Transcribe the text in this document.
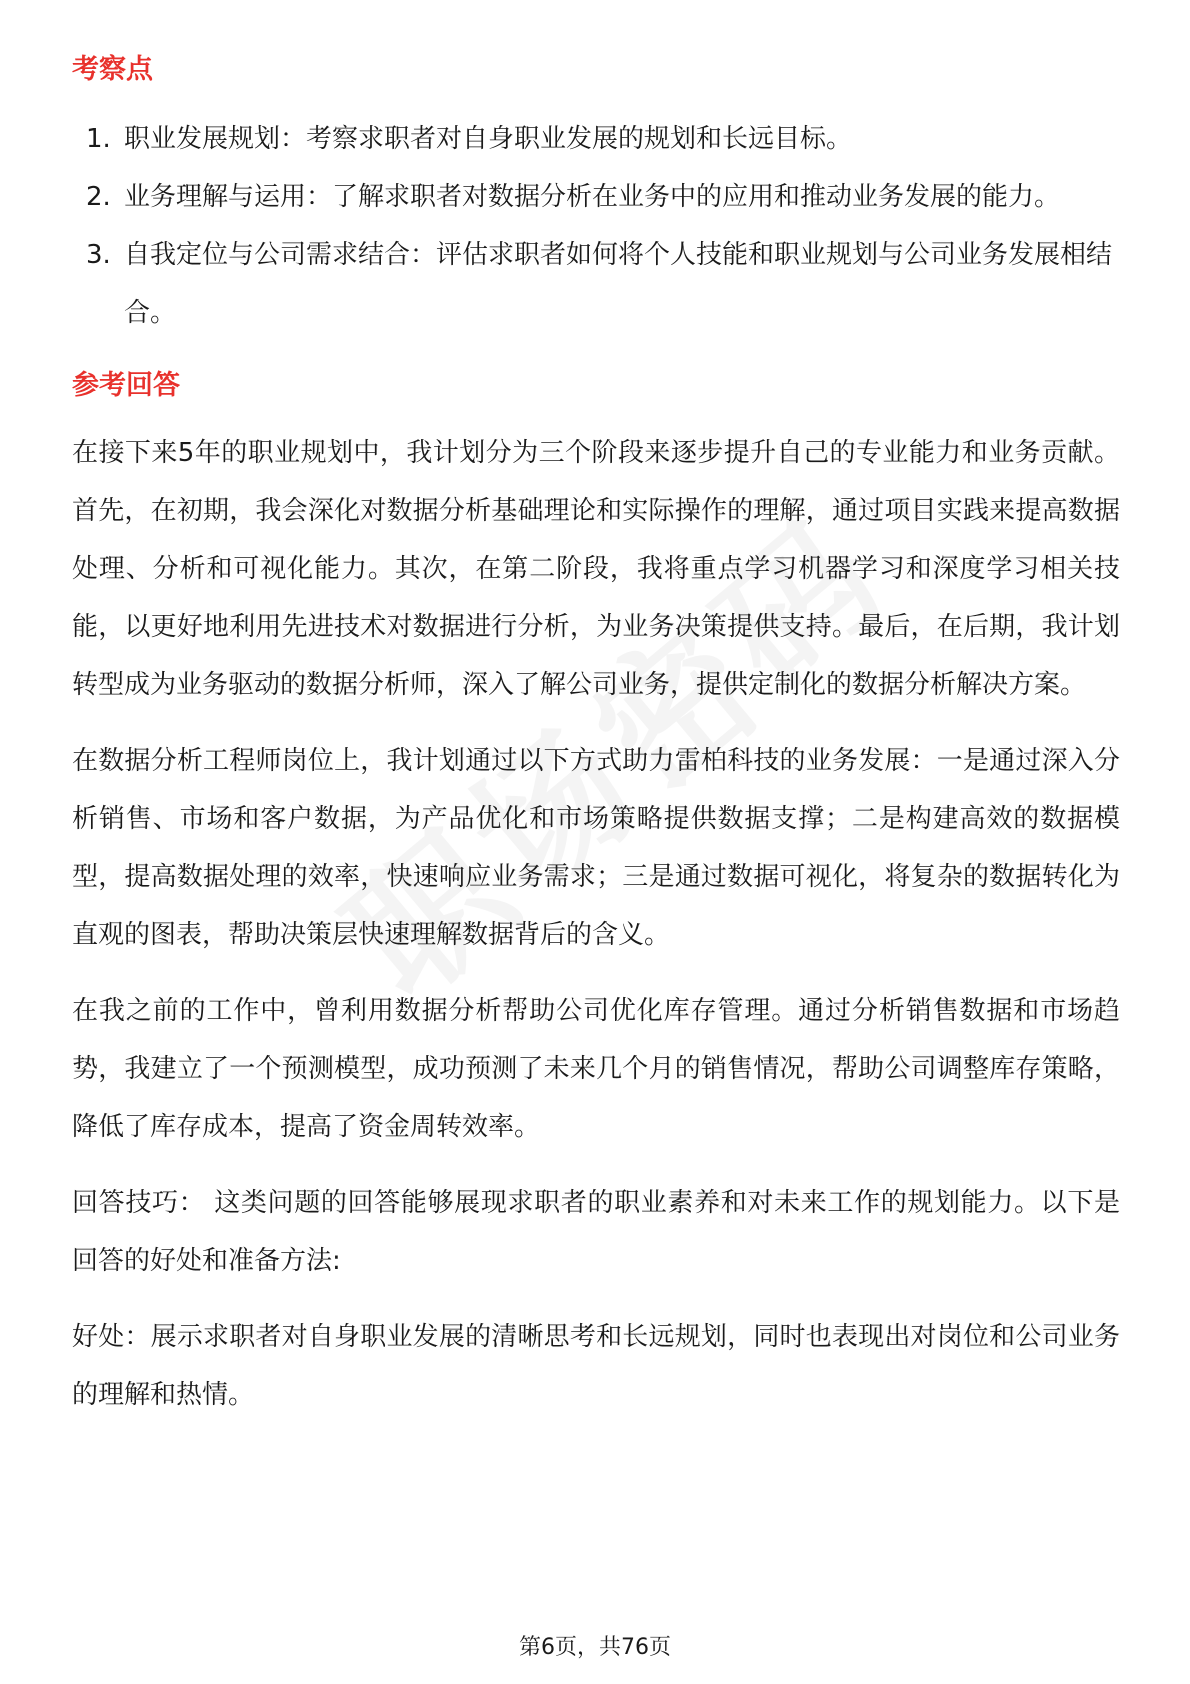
考察点
1. 职业发展规划：考察求职者对自身职业发展的规划和长远目标。
2. 业务理解与运用：了解求职者对数据分析在业务中的应用和推动业务发展的能力。
3. 自我定位与公司需求结合：评估求职者如何将个人技能和职业规划与公司业务发展相结合。
参考回答

在接下来5年的职业规划中，我计划分为三个阶段来逐步提升自己的专业能力和业务贡献。首先，在初期，我会深化对数据分析基础理论和实际操作的理解，通过项目实践来提高数据处理、分析和可视化能力。其次，在第二阶段，我将重点学习机器学习和深度学习相关技能，以更好地利用先进技术对数据进行分析，为业务决策提供支持。最后，在后期，我计划转型成为业务驱动的数据分析师，深入了解公司业务，提供定制化的数据分析解决方案。

在数据分析工程师岗位上，我计划通过以下方式助力雷柏科技的业务发展：一是通过深入分析销售、市场和客户数据，为产品优化和市场策略提供数据支撑；二是构建高效的数据模型，提高数据处理的效率，快速响应业务需求；三是通过数据可视化，将复杂的数据转化为直观的图表，帮助决策层快速理解数据背后的含义。

在我之前的工作中，曾利用数据分析帮助公司优化库存管理。通过分析销售数据和市场趋势，我建立了一个预测模型，成功预测了未来几个月的销售情况，帮助公司调整库存策略，降低了库存成本，提高了资金周转效率。

回答技巧： 这类问题的回答能够展现求职者的职业素养和对未来工作的规划能力。以下是回答的好处和准备方法:

好处：展示求职者对自身职业发展的清晰思考和长远规划，同时也表现出对岗位和公司业务的理解和热情。

第6页，共76页
